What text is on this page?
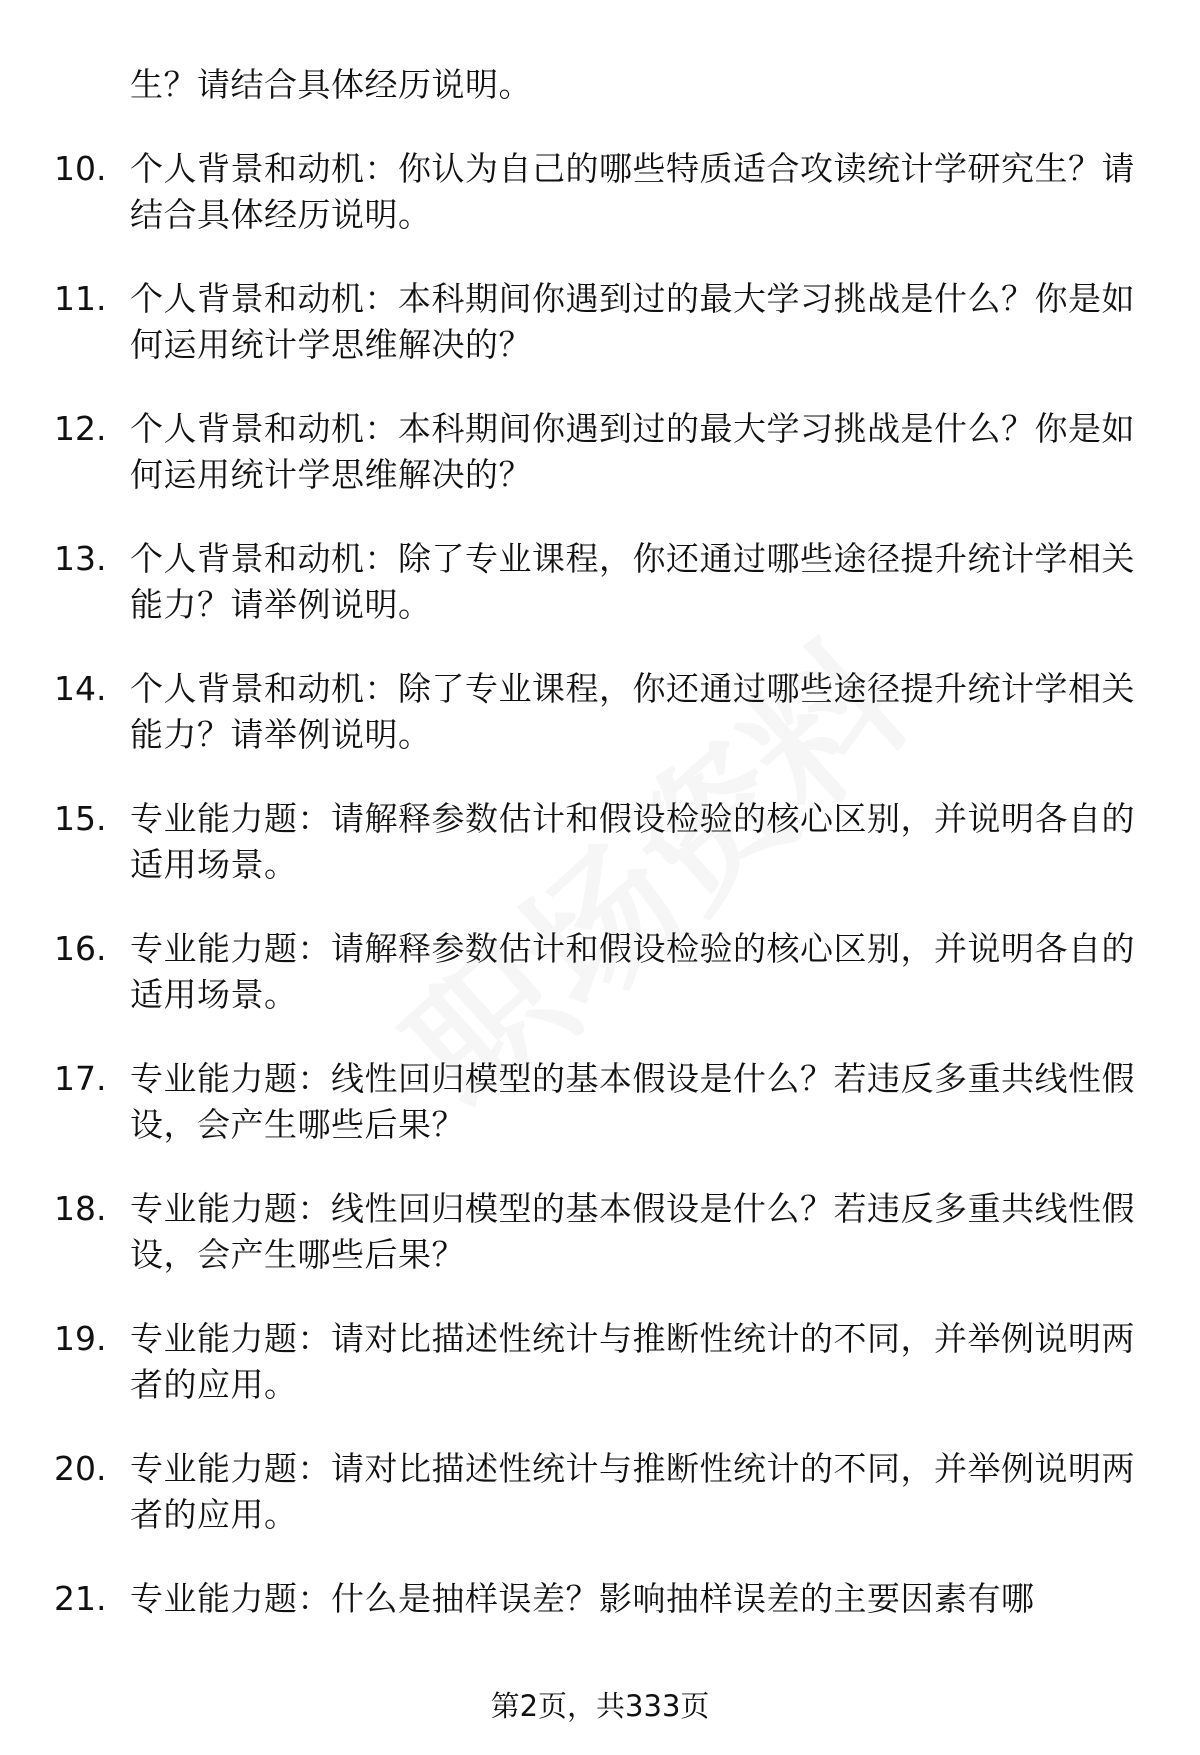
生？请结合具体经历说明。
10. 个人背景和动机：你认为自己的哪些特质适合攻读统计学研究生？请结合具体经历说明。
11. 个人背景和动机：本科期间你遇到过的最大学习挑战是什么？你是如何运用统计学思维解决的？
12. 个人背景和动机：本科期间你遇到过的最大学习挑战是什么？你是如何运用统计学思维解决的？
13. 个人背景和动机：除了专业课程，你还通过哪些途径提升统计学相关能力？请举例说明。
14. 个人背景和动机：除了专业课程，你还通过哪些途径提升统计学相关能力？请举例说明。
15. 专业能力题：请解释参数估计和假设检验的核心区别，并说明各自的适用场景。
16. 专业能力题：请解释参数估计和假设检验的核心区别，并说明各自的适用场景。
17. 专业能力题：线性回归模型的基本假设是什么？若违反多重共线性假设，会产生哪些后果？
18. 专业能力题：线性回归模型的基本假设是什么？若违反多重共线性假设，会产生哪些后果？
19. 专业能力题：请对比描述性统计与推断性统计的不同，并举例说明两者的应用。
20. 专业能力题：请对比描述性统计与推断性统计的不同，并举例说明两者的应用。
21. 专业能力题：什么是抽样误差？影响抽样误差的主要因素有哪
第2页，共333页
